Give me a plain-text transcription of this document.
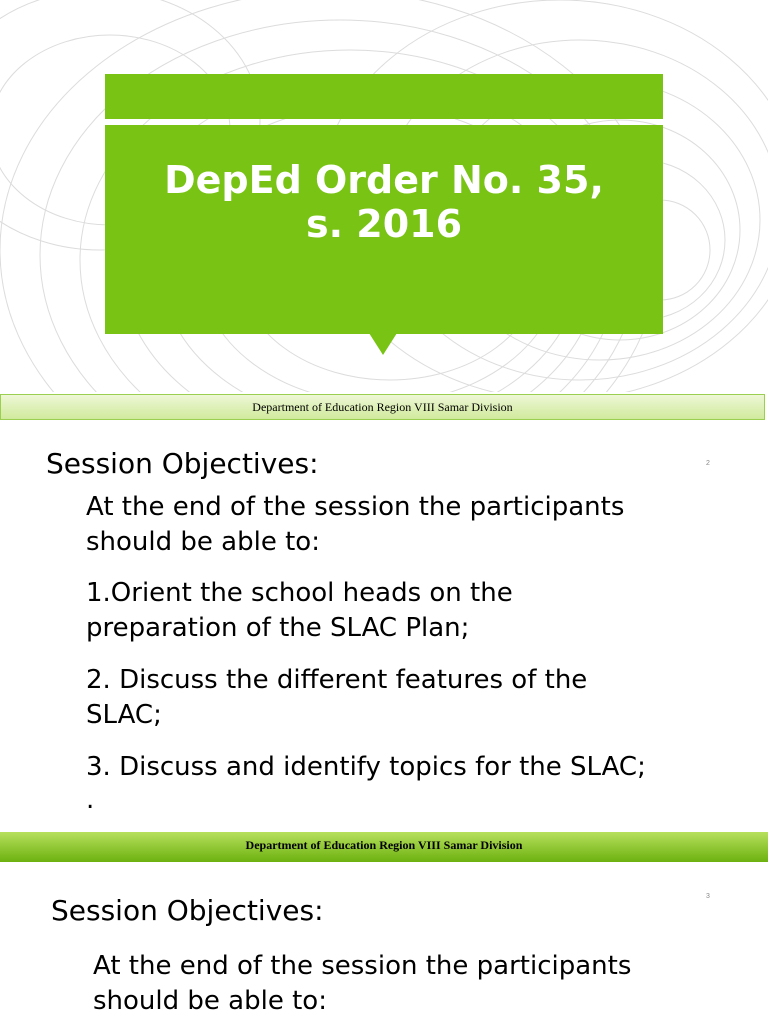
DepEd Order No. 35,
s. 2016
Department of Education Region VIII Samar Division
Session Objectives:	2

At the end of the session the participants
should be able to:

1.Orient the school heads on the
preparation of the SLAC Plan;

2. Discuss the different features of the
SLAC;

3. Discuss and identify topics for the SLAC;

.

Department of Education Region VIII Samar Division
Session Objectives:	3

At the end of the session the participants
should be able to:
